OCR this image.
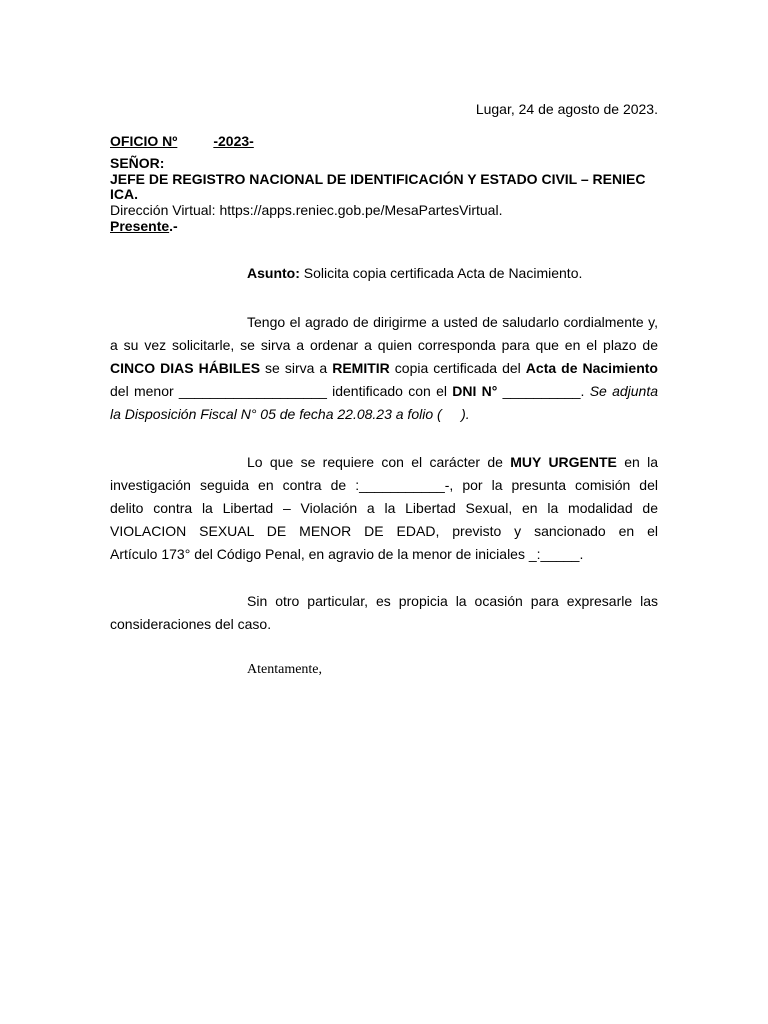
Lugar, 24 de agosto de 2023.
OFICIO Nº	-2023-
SEÑOR:
JEFE DE REGISTRO NACIONAL DE IDENTIFICACIÓN Y ESTADO CIVIL – RENIEC
ICA.
Dirección Virtual: https://apps.reniec.gob.pe/MesaPartesVirtual.
Presente.-
Asunto: Solicita copia certificada Acta de Nacimiento.
Tengo el agrado de dirigirme a usted de saludarlo cordialmente y,
a su vez solicitarle, se sirva a ordenar a quien corresponda para que en el plazo de
CINCO DIAS HÁBILES se sirva a REMITIR copia certificada del Acta de Nacimiento
del menor ___________________ identificado con el DNI N° __________. Se adjunta
la Disposición Fiscal N° 05 de fecha 22.08.23 a folio (     ).
Lo que se requiere con el carácter de MUY URGENTE en la
investigación seguida en contra de :___________-, por la presunta comisión del
delito contra la Libertad – Violación a la Libertad Sexual, en la modalidad de
VIOLACION SEXUAL DE MENOR DE EDAD, previsto y sancionado en el
Artículo 173° del Código Penal, en agravio de la menor de iniciales _:_____.
Sin otro particular, es propicia la ocasión para expresarle las
consideraciones del caso.
Atentamente,
